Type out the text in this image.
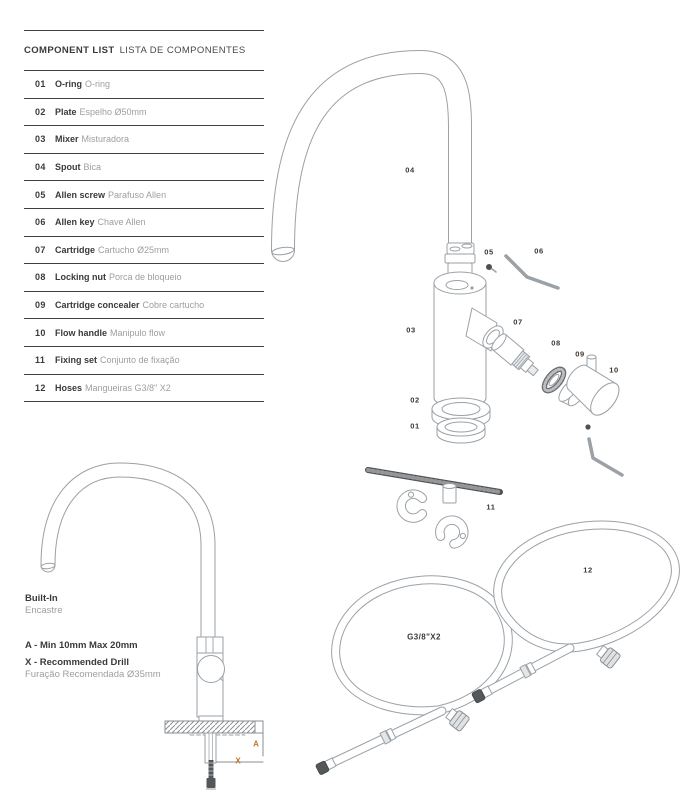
COMPONENT LIST LISTA DE COMPONENTES
01	O-ring O-ring
02	Plate Espelho Ø50mm
03	Mixer Misturadora
04	Spout Bica
05	Allen screw Parafuso Allen
06	Allen key Chave Allen
07	Cartridge Cartucho Ø25mm
08	Locking nut Porca de bloqueio
09	Cartridge concealer Cobre cartucho
10	Flow handle Manipulo flow
11	Fixing set Conjunto de fixação
12	Hoses Mangueiras G3/8" X2
01
02
03
04
05	06
07
08
09
10
11
12
G3/8"X2
A
X
Built-In
Encastre
A - Min 10mm Max 20mm
X - Recommended Drill
Furação Recomendada Ø35mm
